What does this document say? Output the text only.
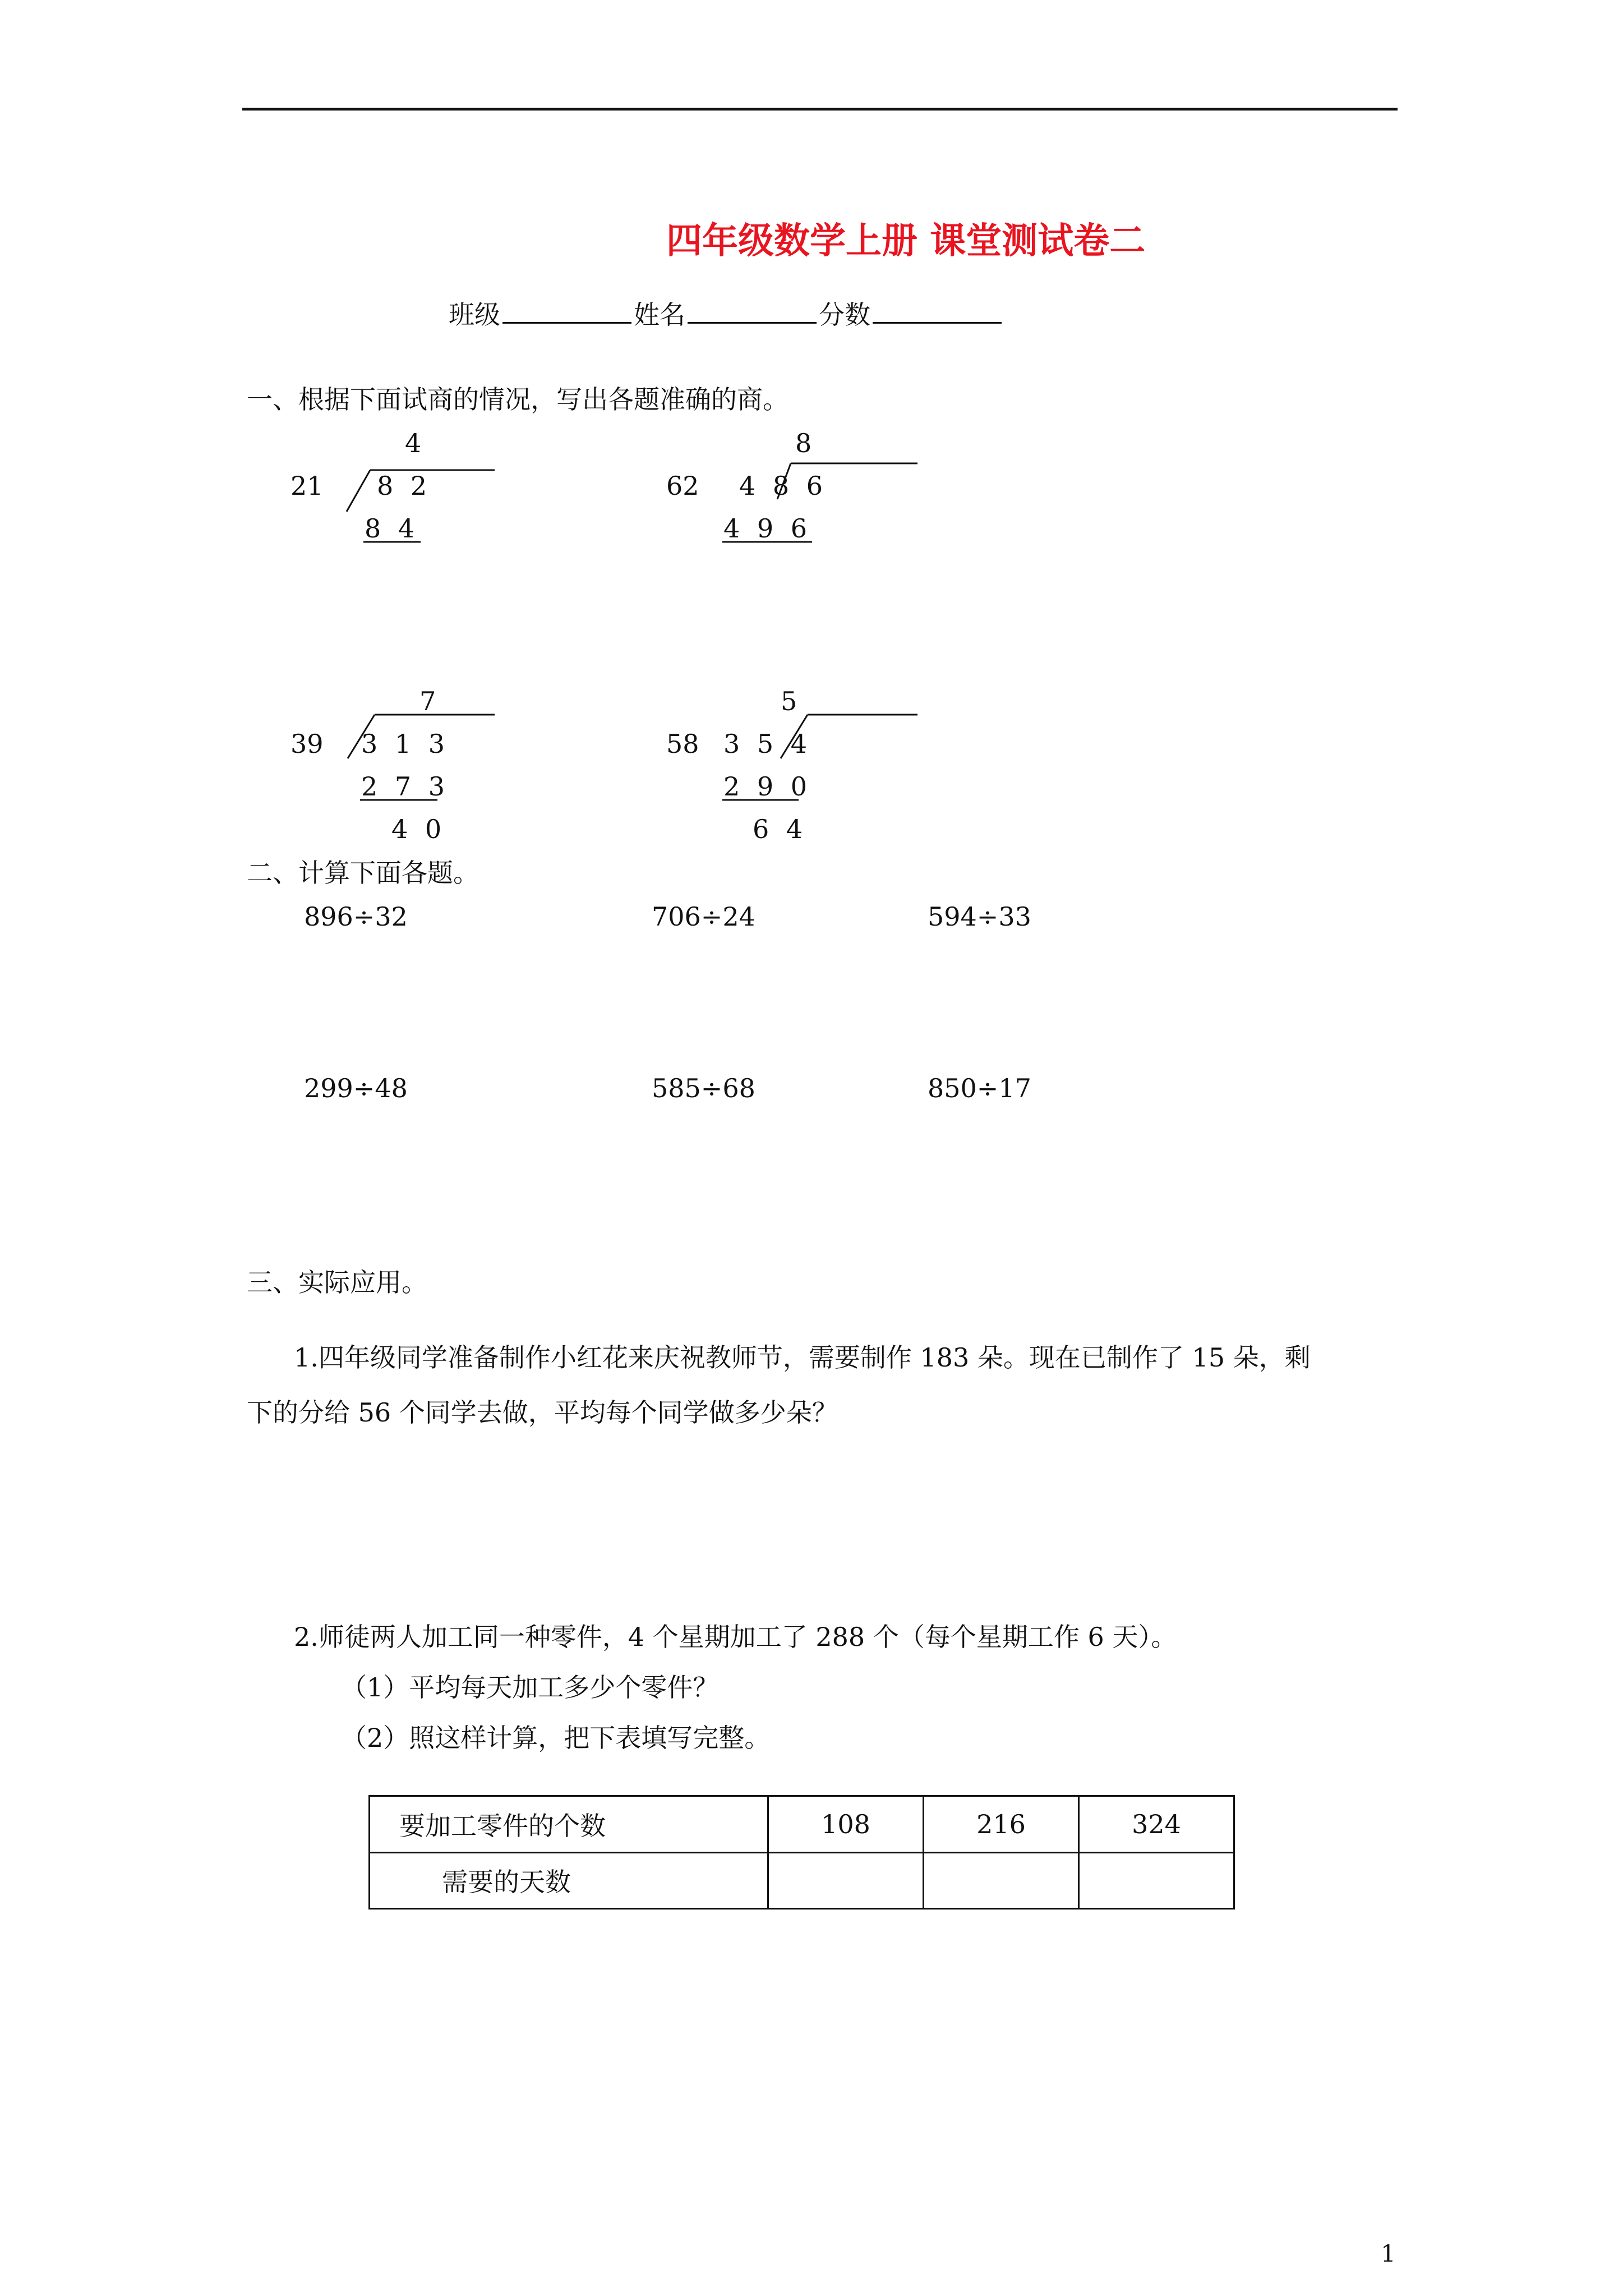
四年级数学上册 课堂测试卷二
班级	姓名	分数
一、根据下面试商的情况，写出各题准确的商。
4
21 8 2
8 4
8
62 4 8 6
4 9 6
7
39 3 1 3
2 7 3
4 0
5
58 3 5 4
2 9 0
6 4
二、计算下面各题。
896÷32	706÷24	594÷33
299÷48	585÷68	850÷17
三、实际应用。
1.四年级同学准备制作小红花来庆祝教师节，需要制作 183 朵。现在已制作了 15 朵，剩
下的分给 56 个同学去做，平均每个同学做多少朵？
2.师徒两人加工同一种零件，4 个星期加工了 288 个（每个星期工作 6 天）。
（1）平均每天加工多少个零件？
（2）照这样计算，把下表填写完整。
要加工零件的个数	108	216	324
需要的天数			
1
